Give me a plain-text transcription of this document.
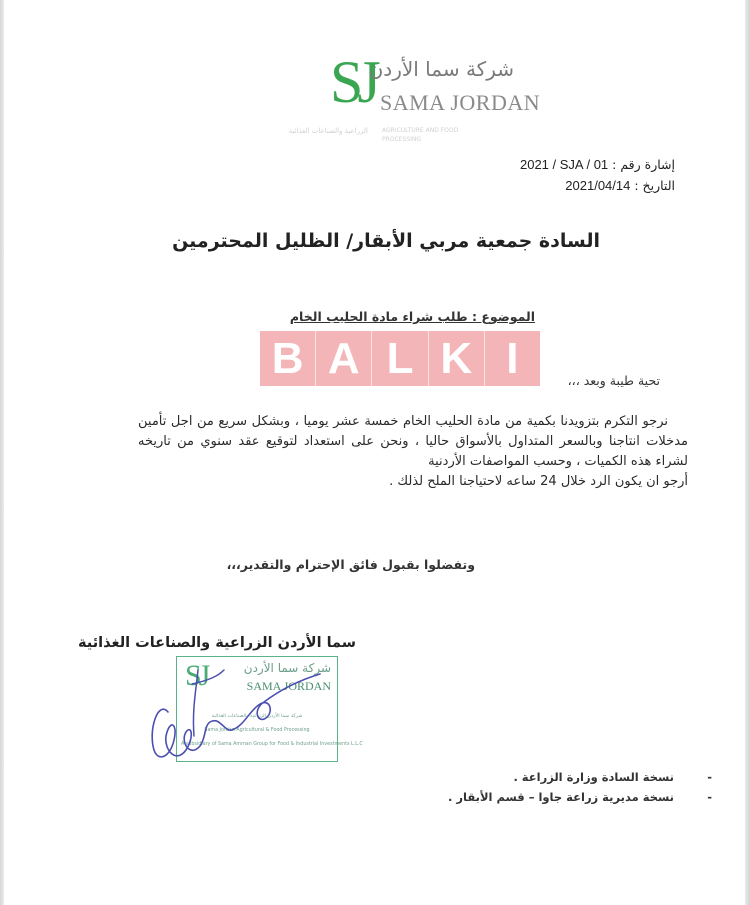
SJ
شركة سما الأردن
SAMA JORDAN
الزراعية والصناعات الغذائية AGRICULTURE AND FOOD PROCESSING
إشارة رقم : 2021 / SJA / 01
التاريخ : 2021/04/14
السادة جمعية مربي الأبقار/ الظليل المحترمين
الموضوع : طلب شراء مادة الحليب الخام
B A L K I	تحية طيبة وبعد ،،،

نرجو التكرم بتزويدنا بكمية من مادة الحليب الخام خمسة عشر يوميا ، وبشكل سريع من اجل تأمين مدخلات انتاجنا وبالسعر المتداول بالأسواق حاليا ، ونحن على استعداد لتوقيع عقد سنوي من تاريخه لشراء هذه الكميات ، وحسب المواصفات الأردنية

أرجو ان يكون الرد خلال 24 ساعه لاحتياجنا الملح لذلك .

وتفضلوا بقبول فائق الإحترام والتقدير،،،
سما الأردن الزراعية والصناعات الغذائية
SJ	شركة سما الأردن
SAMA JORDAN
شركة سما الأردن الزراعية والصناعات الغذائية
Sama Jordan Agricultural & Food Processing
A subsidiary of Sama Amman Group for Food & Industrial Investments L.L.C
- نسخة السادة وزارة الزراعة .
- نسخة مديرية زراعة جاوا – قسم الأبقار .
